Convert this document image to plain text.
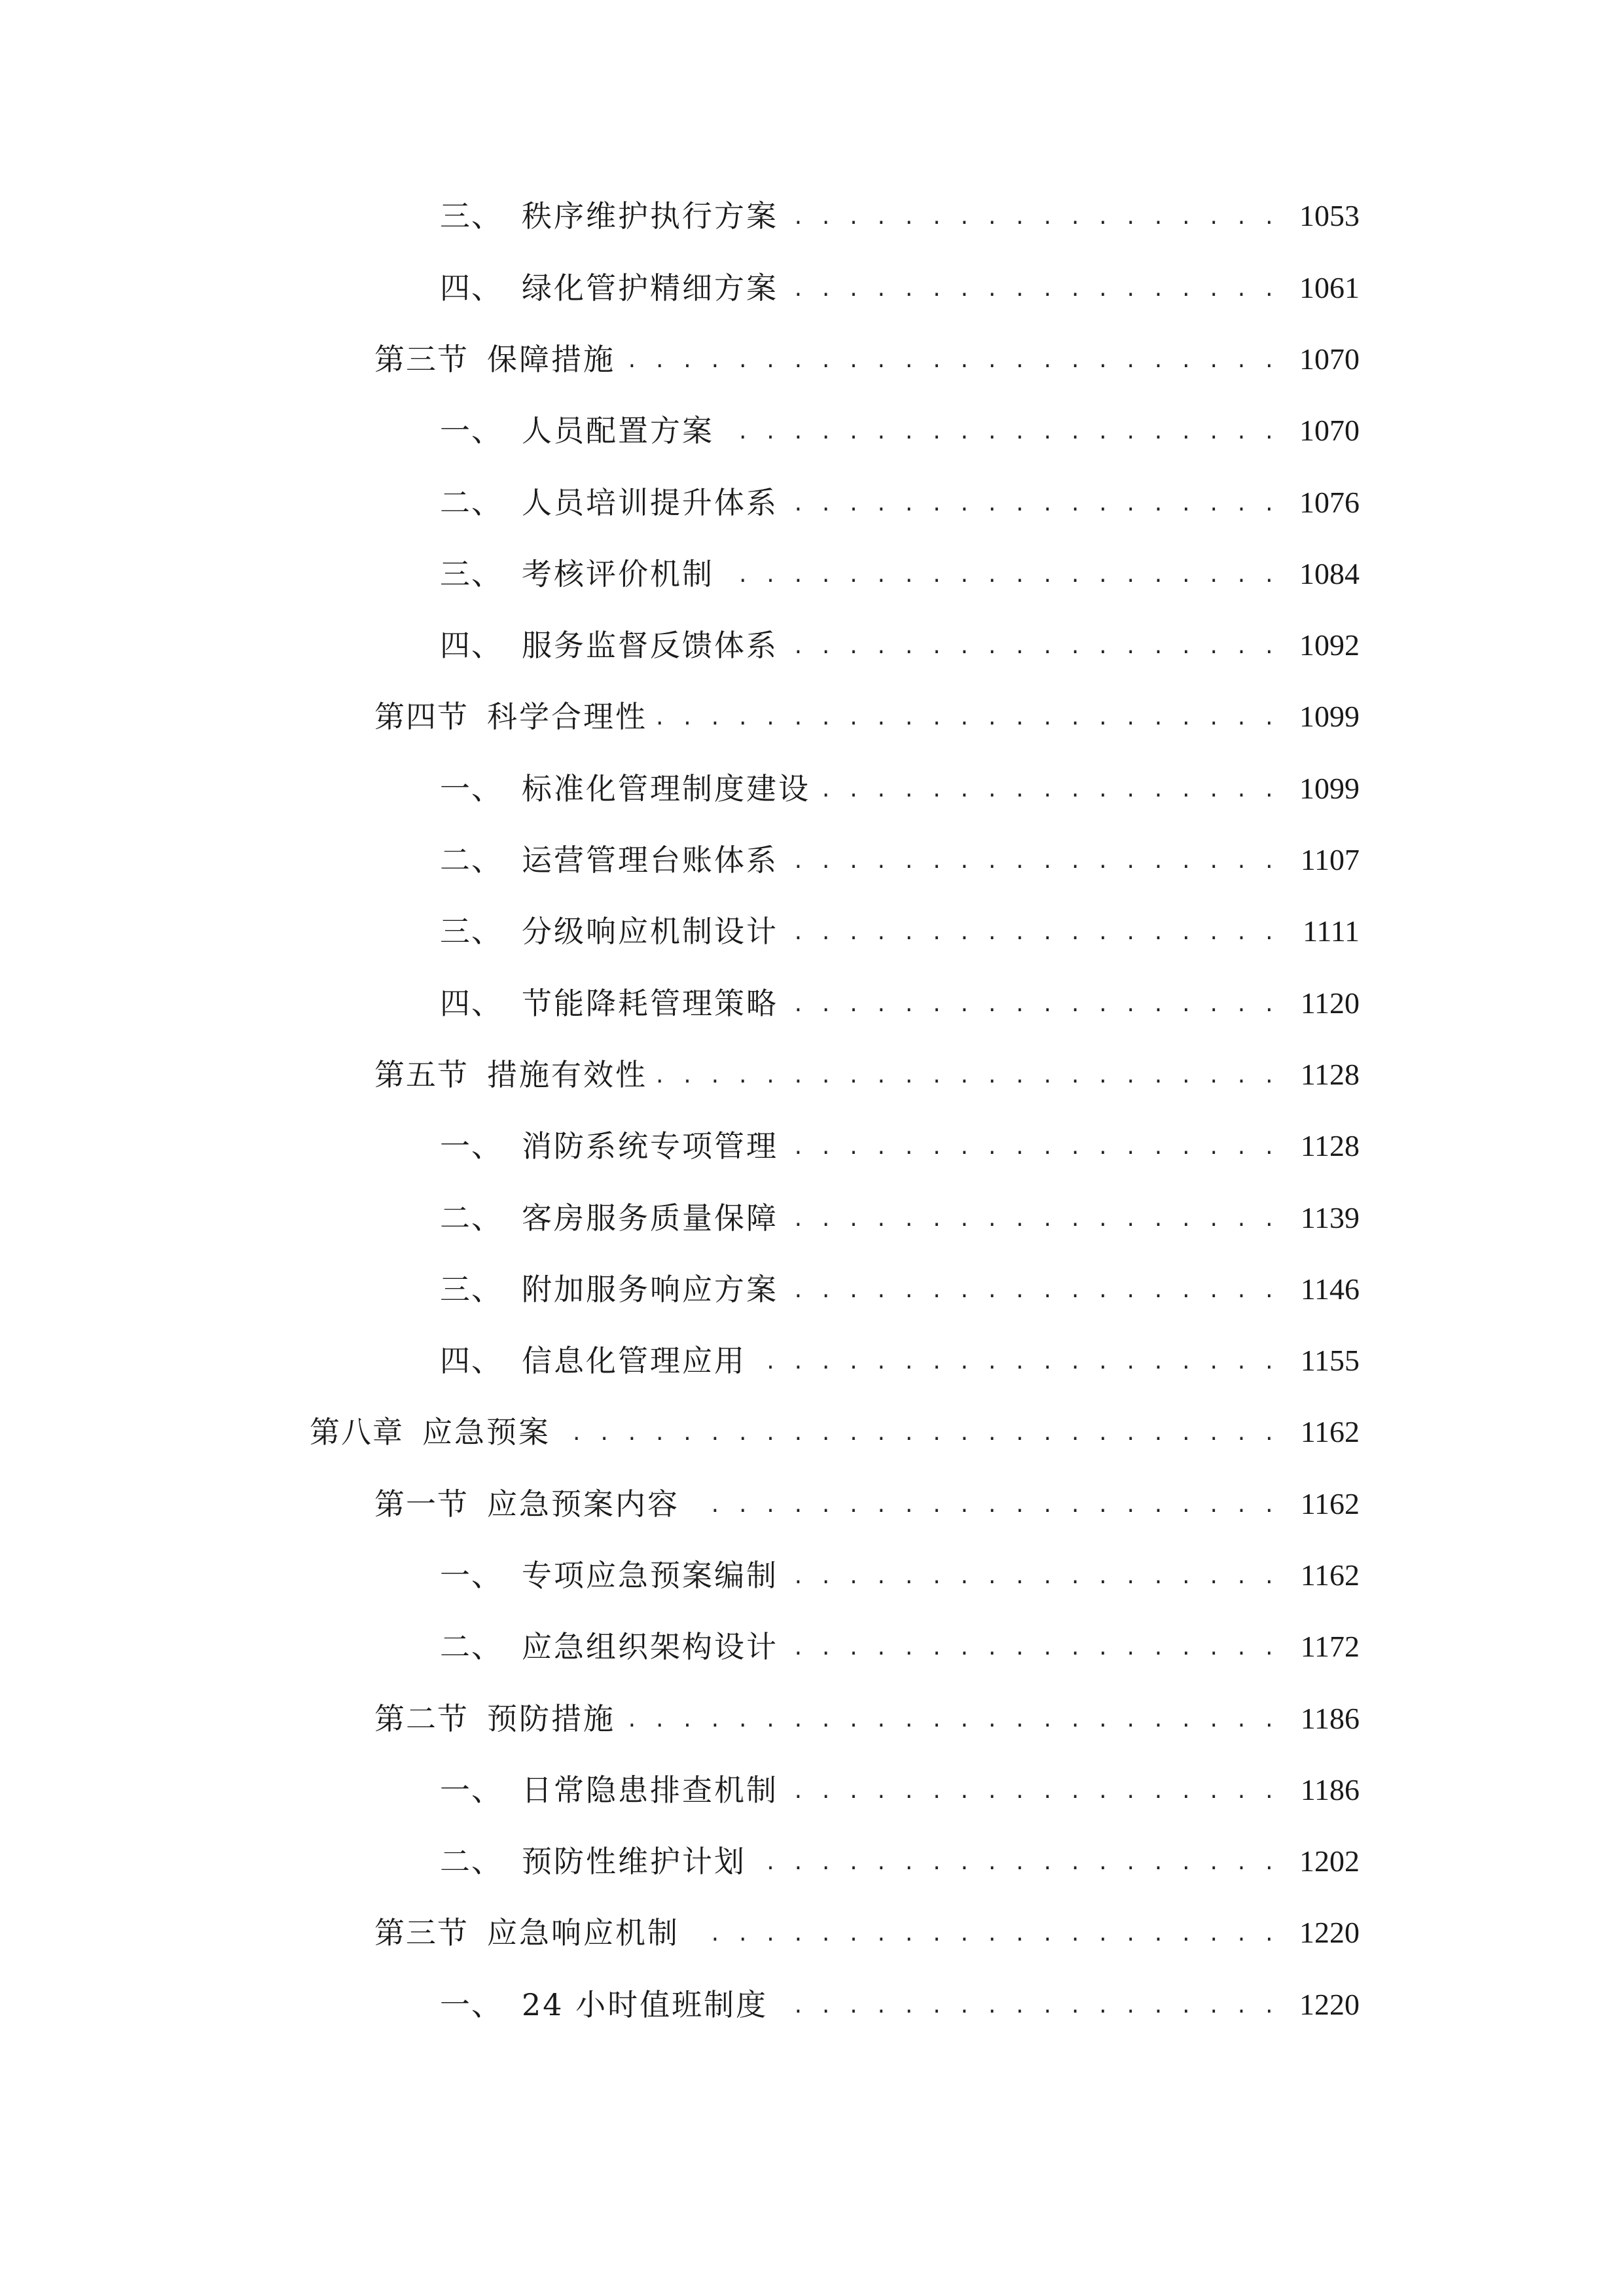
三、 秩序维护执行方案 . . .	1053
四、 绿化管护精细方案 . . .	1061
第三节 保障措施 . . .	1070
一、 人员配置方案 . . .	1070
二、 人员培训提升体系 . . .	1076
三、 考核评价机制 . . .	1084
四、 服务监督反馈体系 . . .	1092
第四节 科学合理性 . . .	1099
一、 标准化管理制度建设 . . .	1099
二、 运营管理台账体系 . . .	1107
三、 分级响应机制设计 . . .	1111
四、 节能降耗管理策略 . . .	1120
第五节 措施有效性 . . .	1128
一、 消防系统专项管理 . . .	1128
二、 客房服务质量保障 . . .	1139
三、 附加服务响应方案 . . .	1146
四、 信息化管理应用 . . .	1155
第八章 应急预案 . . .	1162
第一节 应急预案内容 . . .	1162
一、 专项应急预案编制 . . .	1162
二、 应急组织架构设计 . . .	1172
第二节 预防措施 . . .	1186
一、 日常隐患排查机制 . . .	1186
二、 预防性维护计划 . . .	1202
第三节 应急响应机制 . . .	1220
一、 24 小时值班制度 . . .	1220
